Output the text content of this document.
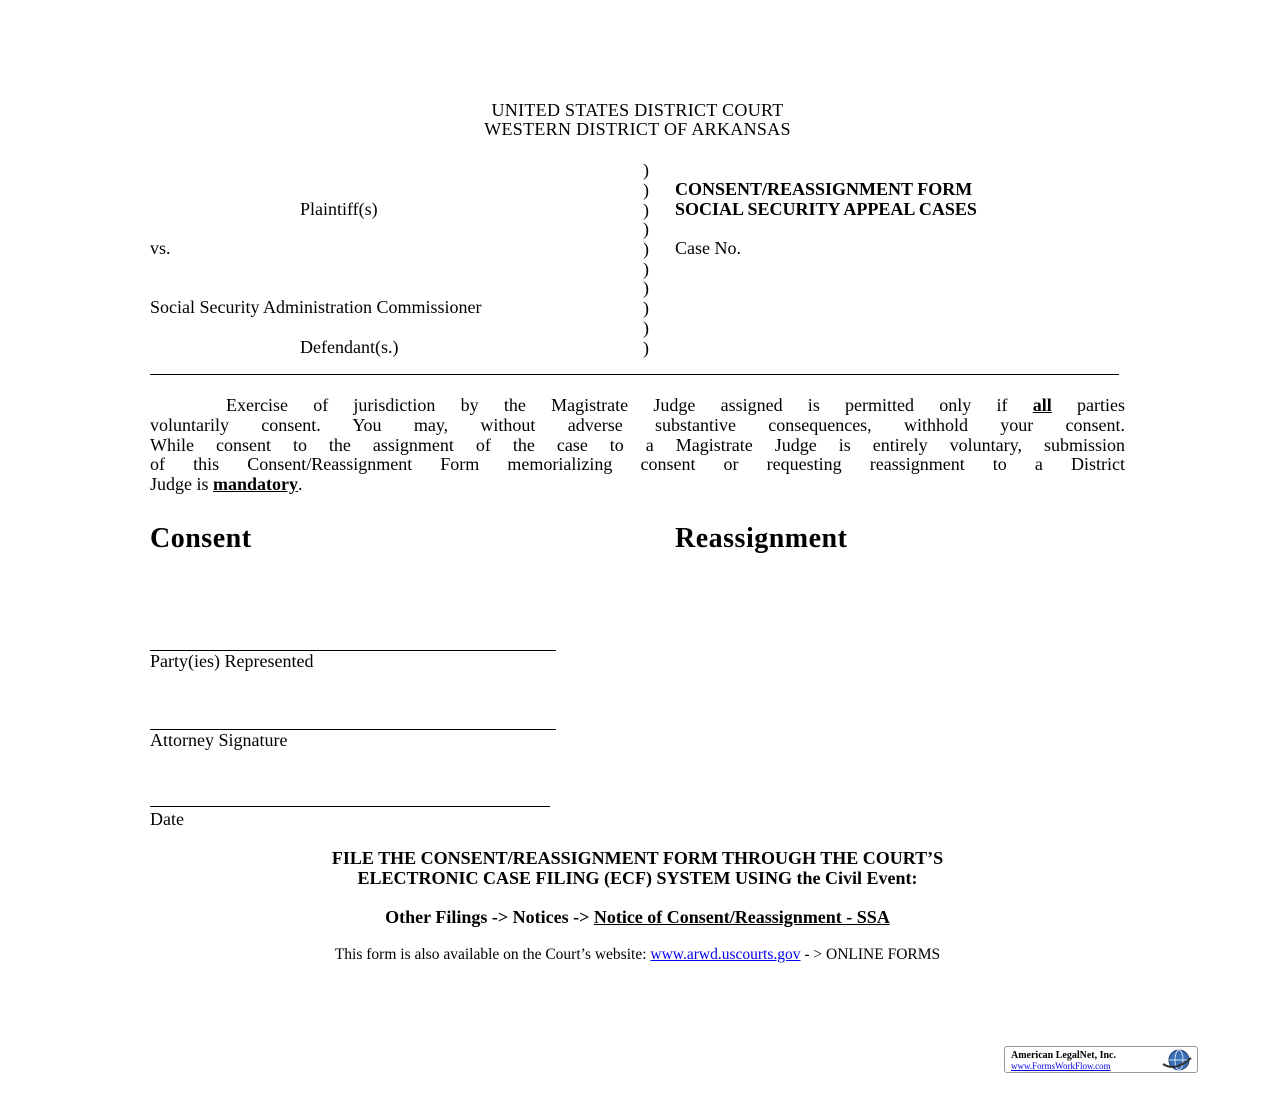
UNITED STATES DISTRICT COURT
WESTERN DISTRICT OF ARKANSAS
Plaintiff(s)
vs.
Social Security Administration Commissioner
Defendant(s.)
)
)
)
)
)
)
)
)
)
)
CONSENT/REASSIGNMENT FORM
SOCIAL SECURITY APPEAL CASES
Case No.
Exercise of jurisdiction by the Magistrate Judge assigned is permitted only if all parties
voluntarily consent. You may, without adverse substantive consequences, withhold your consent.
While consent to the assignment of the case to a Magistrate Judge is entirely voluntary, submission
of this Consent/Reassignment Form memorializing consent or requesting reassignment to a District
Judge is mandatory.
Consent	Reassignment
Party(ies) Represented
Attorney Signature
Date
FILE THE CONSENT/REASSIGNMENT FORM THROUGH THE COURT’S
ELECTRONIC CASE FILING (ECF) SYSTEM USING the Civil Event:
Other Filings -> Notices -> Notice of Consent/Reassignment - SSA
This form is also available on the Court’s website: www.arwd.uscourts.gov - > ONLINE FORMS
American LegalNet, Inc.
www.FormsWorkFlow.com
